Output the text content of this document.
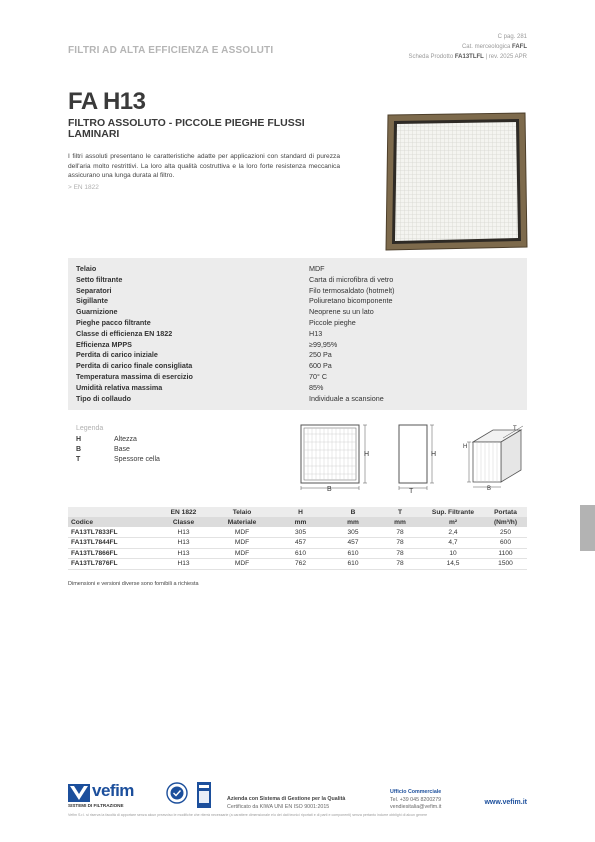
FILTRI AD ALTA EFFICIENZA E ASSOLUTI
C pag. 281
Cat. merceologica FAFL
Scheda Prodotto FA13TLFL | rev. 2025 APR
FA H13
FILTRO ASSOLUTO - PICCOLE PIEGHE FLUSSI LAMINARI
I filtri assoluti presentano le caratteristiche adatte per applicazioni con standard di purezza dell'aria molto restrittivi. La loro alta qualità costruttiva e la loro forte resistenza meccanica assicurano una lunga durata al filtro.
> EN 1822
Telaio	MDF
Setto filtrante	Carta di microfibra di vetro
Separatori	Filo termosaldato (hotmelt)
Sigillante	Poliuretano bicomponente
Guarnizione	Neoprene su un lato
Pieghe pacco filtrante	Piccole pieghe
Classe di efficienza EN 1822	H13
Efficienza MPPS	≥99,95%
Perdita di carico iniziale	250 Pa
Perdita di carico finale consigliata	600 Pa
Temperatura massima di esercizio	70° C
Umidità relativa massima	85%
Tipo di collaudo	Individuale a scansione
Legenda
H	Altezza
B	Base
T	Spessore cella
H
B
H
T
H
B
T
	EN 1822	Telaio	H	B	T	Sup. Filtrante	Portata
Codice	Classe	Materiale	mm	mm	mm	m²	(Nm³/h)
FA13TL7833FL	H13	MDF	305	305	78	2,4	250
FA13TL7844FL	H13	MDF	457	457	78	4,7	600
FA13TL7866FL	H13	MDF	610	610	78	10	1100
FA13TL7876FL	H13	MDF	762	610	78	14,5	1500
Dimensioni e versioni diverse sono fornibili a richiesta
vefim
SISTEMI DI FILTRAZIONE
Azienda con Sistema di Gestione per la Qualità
Certificato da KIWA UNI EN ISO 9001:2015
Ufficio Commerciale
Tel. +39 045 8200279
vendiesitalia@vefim.it
www.vefim.it
Vefim S.r.l. si riserva la facoltà di apportare senza alcun preavviso le modifiche che riterrà necessarie (a carattere dimensionale e/o dei dati tecnici riportati e di parti e componenti) senza pertanto indurre obblighi di alcun genere
